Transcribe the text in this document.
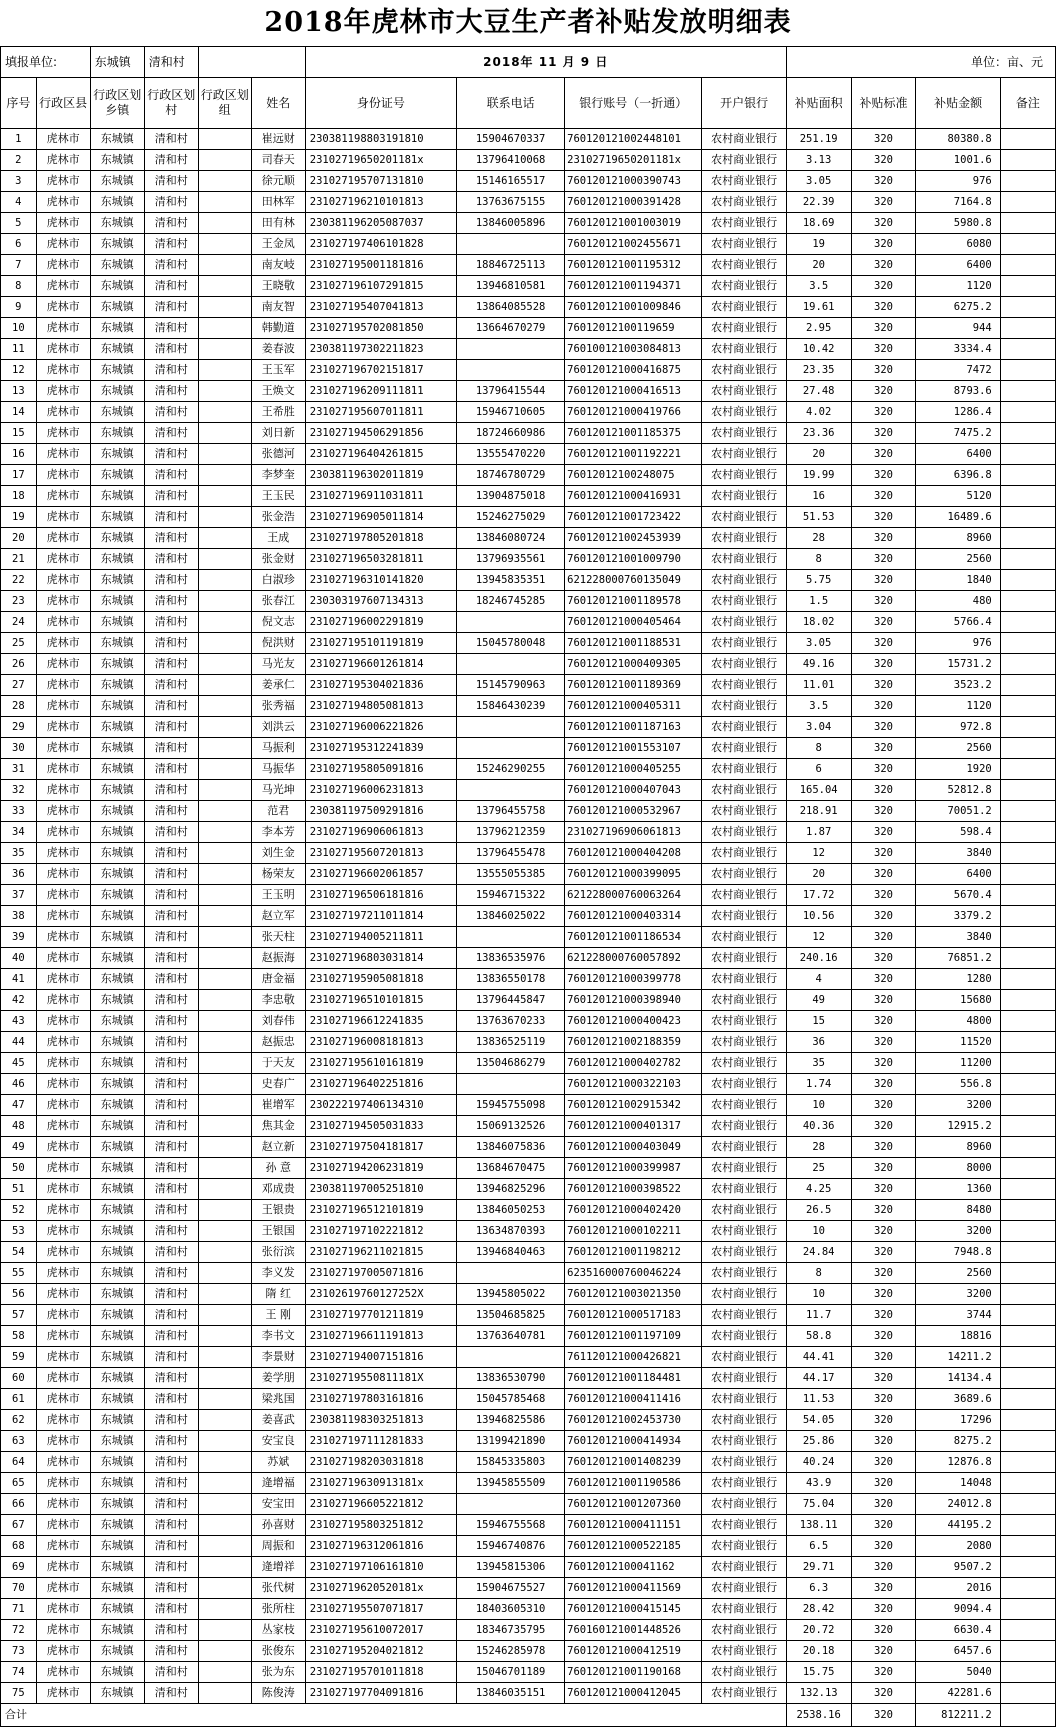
2018年虎林市大豆生产者补贴发放明细表
填报单位:		东城镇	清和村			2018年 11 月 9 日				单位：亩、元			
序号	行政区县	行政区划乡镇	行政区划村	行政区划组	姓名	身份证号	联系电话	银行账号（一折通）	开户银行	补贴面积	补贴标准	补贴金额	备注
1	虎林市	东城镇	清和村		崔远财	230381198803191810	15904670337	760120121002448101	农村商业银行	251.19	320	80380.8	
2	虎林市	东城镇	清和村		司春天	23102719650201181x	13796410068	23102719650201181x	农村商业银行	3.13	320	1001.6	
3	虎林市	东城镇	清和村		徐元顺	231027195707131810	15146165517	760120121000390743	农村商业银行	3.05	320	976	
4	虎林市	东城镇	清和村		田林军	231027196210101813	13763675155	760120121000391428	农村商业银行	22.39	320	7164.8	
5	虎林市	东城镇	清和村		田有林	230381196205087037	13846005896	760120121001003019	农村商业银行	18.69	320	5980.8	
6	虎林市	东城镇	清和村		王金凤	231027197406101828		760120121002455671	农村商业银行	19	320	6080	
7	虎林市	东城镇	清和村		南友岐	231027195001181816	18846725113	760120121001195312	农村商业银行	20	320	6400	
8	虎林市	东城镇	清和村		王晓敬	231027196107291815	13946810581	760120121001194371	农村商业银行	3.5	320	1120	
9	虎林市	东城镇	清和村		南友智	231027195407041813	13864085528	760120121001009846	农村商业银行	19.61	320	6275.2	
10	虎林市	东城镇	清和村		韩勤道	231027195702081850	13664670279	76012012100119659	农村商业银行	2.95	320	944	
11	虎林市	东城镇	清和村		姜春波	230381197302211823		760100121003084813	农村商业银行	10.42	320	3334.4	
12	虎林市	东城镇	清和村		王玉军	231027196702151817		760120121000416875	农村商业银行	23.35	320	7472	
13	虎林市	东城镇	清和村		王焕文	231027196209111811	13796415544	760120121000416513	农村商业银行	27.48	320	8793.6	
14	虎林市	东城镇	清和村		王希胜	231027195607011811	15946710605	760120121000419766	农村商业银行	4.02	320	1286.4	
15	虎林市	东城镇	清和村		刘日新	231027194506291856	18724660986	760120121001185375	农村商业银行	23.36	320	7475.2	
16	虎林市	东城镇	清和村		张德河	231027196404261815	13555470220	760120121001192221	农村商业银行	20	320	6400	
17	虎林市	东城镇	清和村		李梦奎	230381196302011819	18746780729	76012012100248075	农村商业银行	19.99	320	6396.8	
18	虎林市	东城镇	清和村		王玉民	231027196911031811	13904875018	760120121000416931	农村商业银行	16	320	5120	
19	虎林市	东城镇	清和村		张金浩	231027196905011814	15246275029	760120121001723422	农村商业银行	51.53	320	16489.6	
20	虎林市	东城镇	清和村		王成	231027197805201818	13846080724	760120121002453939	农村商业银行	28	320	8960	
21	虎林市	东城镇	清和村		张金财	231027196503281811	13796935561	760120121001009790	农村商业银行	8	320	2560	
22	虎林市	东城镇	清和村		白淑珍	231027196310141820	13945835351	621228000760135049	农村商业银行	5.75	320	1840	
23	虎林市	东城镇	清和村		张春江	230303197607134313	18246745285	760120121001189578	农村商业银行	1.5	320	480	
24	虎林市	东城镇	清和村		倪文志	231027196002291819		760120121000405464	农村商业银行	18.02	320	5766.4	
25	虎林市	东城镇	清和村		倪洪财	231027195101191819	15045780048	760120121001188531	农村商业银行	3.05	320	976	
26	虎林市	东城镇	清和村		马光友	231027196601261814		760120121000409305	农村商业银行	49.16	320	15731.2	
27	虎林市	东城镇	清和村		姜承仁	231027195304021836	15145790963	760120121001189369	农村商业银行	11.01	320	3523.2	
28	虎林市	东城镇	清和村		张秀福	231027194805081813	15846430239	760120121000405311	农村商业银行	3.5	320	1120	
29	虎林市	东城镇	清和村		刘洪云	231027196006221826		760120121001187163	农村商业银行	3.04	320	972.8	
30	虎林市	东城镇	清和村		马振利	231027195312241839		760120121001553107	农村商业银行	8	320	2560	
31	虎林市	东城镇	清和村		马振华	231027195805091816	15246290255	760120121000405255	农村商业银行	6	320	1920	
32	虎林市	东城镇	清和村		马光坤	231027196006231813		760120121000407043	农村商业银行	165.04	320	52812.8	
33	虎林市	东城镇	清和村		范君	230381197509291816	13796455758	760120121000532967	农村商业银行	218.91	320	70051.2	
34	虎林市	东城镇	清和村		李本芳	231027196906061813	13796212359	231027196906061813	农村商业银行	1.87	320	598.4	
35	虎林市	东城镇	清和村		刘生金	231027195607201813	13796455478	760120121000404208	农村商业银行	12	320	3840	
36	虎林市	东城镇	清和村		杨荣友	231027196602061857	13555055385	760120121000399095	农村商业银行	20	320	6400	
37	虎林市	东城镇	清和村		王玉明	231027196506181816	15946715322	621228000760063264	农村商业银行	17.72	320	5670.4	
38	虎林市	东城镇	清和村		赵立军	231027197211011814	13846025022	760120121000403314	农村商业银行	10.56	320	3379.2	
39	虎林市	东城镇	清和村		张天柱	231027194005211811		760120121001186534	农村商业银行	12	320	3840	
40	虎林市	东城镇	清和村		赵振海	231027196803031814	13836535976	621228000760057892	农村商业银行	240.16	320	76851.2	
41	虎林市	东城镇	清和村		唐金福	231027195905081818	13836550178	760120121000399778	农村商业银行	4	320	1280	
42	虎林市	东城镇	清和村		李忠敬	231027196510101815	13796445847	760120121000398940	农村商业银行	49	320	15680	
43	虎林市	东城镇	清和村		刘春伟	231027196612241835	13763670233	760120121000400423	农村商业银行	15	320	4800	
44	虎林市	东城镇	清和村		赵振忠	231027196008181813	13836525119	760120121002188359	农村商业银行	36	320	11520	
45	虎林市	东城镇	清和村		于天友	231027195610161819	13504686279	760120121000402782	农村商业银行	35	320	11200	
46	虎林市	东城镇	清和村		史春广	231027196402251816		760120121000322103	农村商业银行	1.74	320	556.8	
47	虎林市	东城镇	清和村		崔增军	230222197406134310	15945755098	760120121002915342	农村商业银行	10	320	3200	
48	虎林市	东城镇	清和村		焦其金	231027194505031833	15069132526	760120121000401317	农村商业银行	40.36	320	12915.2	
49	虎林市	东城镇	清和村		赵立新	231027197504181817	13846075836	760120121000403049	农村商业银行	28	320	8960	
50	虎林市	东城镇	清和村		孙 意	231027194206231819	13684670475	760120121000399987	农村商业银行	25	320	8000	
51	虎林市	东城镇	清和村		邓成贵	230381197005251810	13946825296	760120121000398522	农村商业银行	4.25	320	1360	
52	虎林市	东城镇	清和村		王银贵	231027196512101819	13846050253	760120121000402420	农村商业银行	26.5	320	8480	
53	虎林市	东城镇	清和村		王银国	231027197102221812	13634870393	760120121000102211	农村商业银行	10	320	3200	
54	虎林市	东城镇	清和村		张衍滨	231027196211021815	13946840463	760120121001198212	农村商业银行	24.84	320	7948.8	
55	虎林市	东城镇	清和村		李义发	231027197005071816		623516000760046224	农村商业银行	8	320	2560	
56	虎林市	东城镇	清和村		隋 红	23102619760127252X	13945805022	760120121003021350	农村商业银行	10	320	3200	
57	虎林市	东城镇	清和村		王 刚	231027197701211819	13504685825	760120121000517183	农村商业银行	11.7	320	3744	
58	虎林市	东城镇	清和村		李书文	231027196611191813	13763640781	760120121001197109	农村商业银行	58.8	320	18816	
59	虎林市	东城镇	清和村		李景财	231027194007151816		761120121000426821	农村商业银行	44.41	320	14211.2	
60	虎林市	东城镇	清和村		姜学朋	23102719550811181X	13836530790	760120121001184481	农村商业银行	44.17	320	14134.4	
61	虎林市	东城镇	清和村		梁兆国	231027197803161816	15045785468	760120121000411416	农村商业银行	11.53	320	3689.6	
62	虎林市	东城镇	清和村		姜喜武	230381198303251813	13946825586	760120121002453730	农村商业银行	54.05	320	17296	
63	虎林市	东城镇	清和村		安宝良	231027197111281833	13199421890	760120121000414934	农村商业银行	25.86	320	8275.2	
64	虎林市	东城镇	清和村		苏斌	231027198203031818	15845335803	760120121001408239	农村商业银行	40.24	320	12876.8	
65	虎林市	东城镇	清和村		逄增福	23102719630913181x	13945855509	760120121001190586	农村商业银行	43.9	320	14048	
66	虎林市	东城镇	清和村		安宝田	231027196605221812		760120121001207360	农村商业银行	75.04	320	24012.8	
67	虎林市	东城镇	清和村		孙喜财	231027195803251812	15946755568	760120121000411151	农村商业银行	138.11	320	44195.2	
68	虎林市	东城镇	清和村		周振和	231027196312061816	15946740876	760120121000522185	农村商业银行	6.5	320	2080	
69	虎林市	东城镇	清和村		逄增祥	231027197106161810	13945815306	76012012100041162	农村商业银行	29.71	320	9507.2	
70	虎林市	东城镇	清和村		张代树	23102719620520181x	15904675527	760120121000411569	农村商业银行	6.3	320	2016	
71	虎林市	东城镇	清和村		张所柱	231027195507071817	18403605310	760120121000415145	农村商业银行	28.42	320	9094.4	
72	虎林市	东城镇	清和村		丛家枝	231027195610072017	18346735795	760160121001448526	农村商业银行	20.72	320	6630.4	
73	虎林市	东城镇	清和村		张俊东	231027195204021812	15246285978	760120121000412519	农村商业银行	20.18	320	6457.6	
74	虎林市	东城镇	清和村		张为东	231027195701011818	15046701189	760120121001190168	农村商业银行	15.75	320	5040	
75	虎林市	东城镇	清和村		陈俊涛	231027197704091816	13846035151	760120121000412045	农村商业银行	132.13	320	42281.6	
合计										2538.16	320	812211.2	
